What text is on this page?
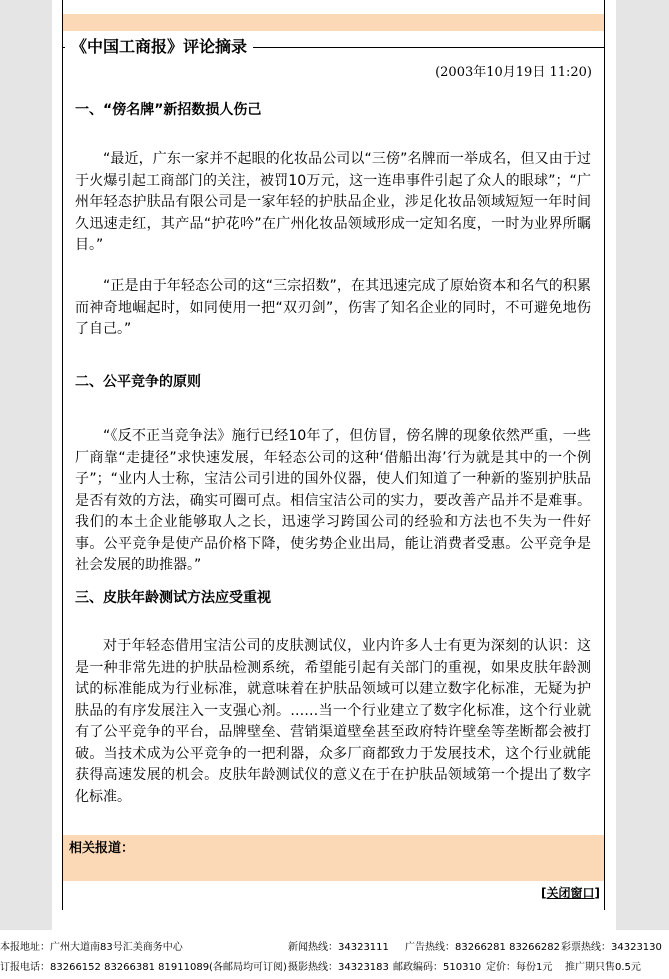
《中国工商报》评论摘录
(2003年10月19日 11:20)
一、“傍名牌”新招数损人伤己
“最近，广东一家并不起眼的化妆品公司以“三傍”名牌而一举成名，但又由于过于火爆引起工商部门的关注，被罚10万元，这一连串事件引起了众人的眼球”；“广州年轻态护肤品有限公司是一家年轻的护肤品企业，涉足化妆品领域短短一年时间久迅速走红，其产品“护花吟”在广州化妆品领域形成一定知名度，一时为业界所瞩目。”
“正是由于年轻态公司的这“三宗招数”，在其迅速完成了原始资本和名气的积累而神奇地崛起时，如同使用一把“双刃剑”，伤害了知名企业的同时，不可避免地伤了自己。”
二、公平竞争的原则
“《反不正当竞争法》施行已经10年了，但仿冒，傍名牌的现象依然严重，一些厂商靠“走捷径”求快速发展，年轻态公司的这种‘借船出海’行为就是其中的一个例子”；“业内人士称，宝洁公司引进的国外仪器，使人们知道了一种新的鉴别护肤品是否有效的方法，确实可圈可点。相信宝洁公司的实力，要改善产品并不是难事。我们的本土企业能够取人之长，迅速学习跨国公司的经验和方法也不失为一件好事。公平竞争是使产品价格下降，使劣势企业出局，能让消费者受惠。公平竞争是社会发展的助推器。”
三、皮肤年龄测试方法应受重视
对于年轻态借用宝洁公司的皮肤测试仪，业内许多人士有更为深刻的认识：这是一种非常先进的护肤品检测系统，希望能引起有关部门的重视，如果皮肤年龄测试的标准能成为行业标准，就意味着在护肤品领域可以建立数字化标准，无疑为护肤品的有序发展注入一支强心剂。……当一个行业建立了数字化标准，这个行业就有了公平竞争的平台，品牌壁垒、营销渠道壁垒甚至政府特许壁垒等垄断都会被打破。当技术成为公平竞争的一把利器，众多厂商都致力于发展技术，这个行业就能获得高速发展的机会。皮肤年龄测试仪的意义在于在护肤品领域第一个提出了数字化标准。
相关报道：
[关闭窗口]
本报地址：广州大道南83号汇美商务中心	新闻热线：34323111 广告热线：83266281 83266282 彩票热线：34323130
订报电话：83266152 83266381 81911089(各邮局均可订阅) 摄影热线：34323183 邮政编码：510310 定价：每份1元 推广期只售0.5元
